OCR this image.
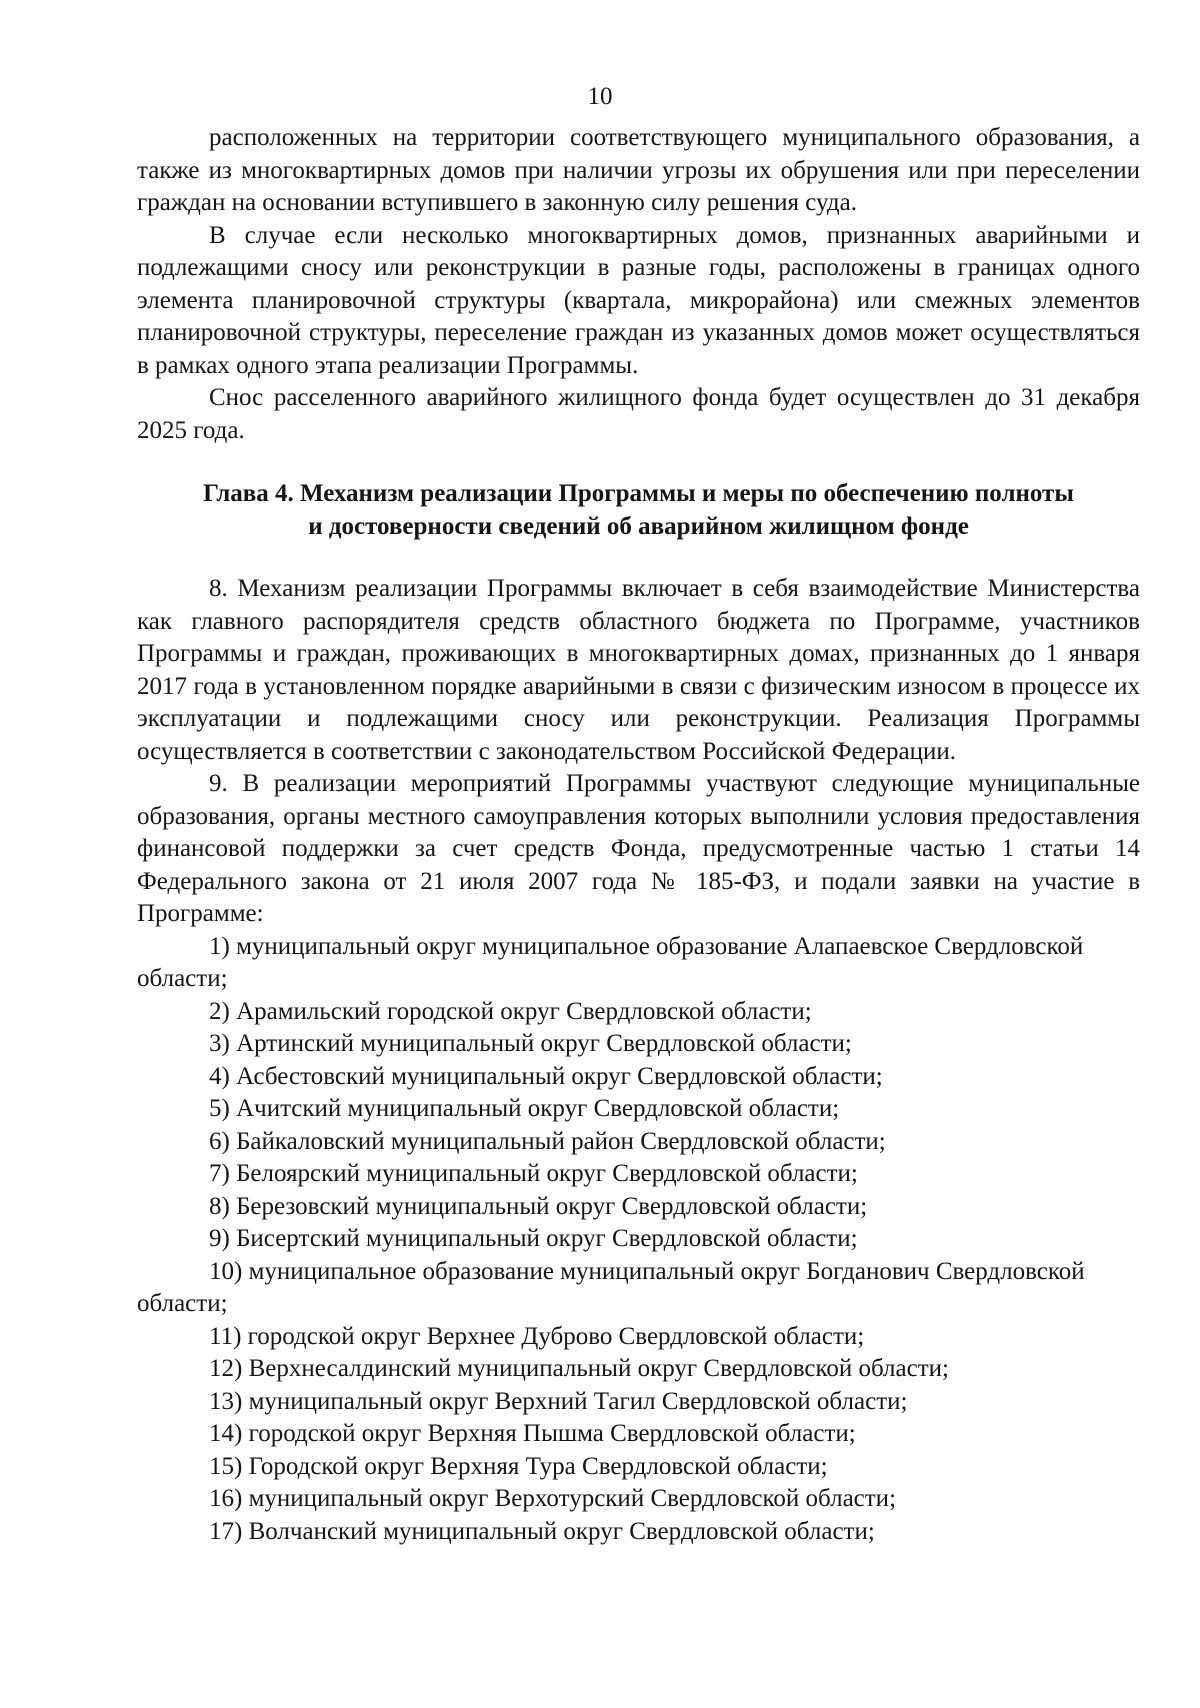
10

расположенных на территории соответствующего муниципального образования, а также из многоквартирных домов при наличии угрозы их обрушения или при переселении граждан на основании вступившего в законную силу решения суда.

В случае если несколько многоквартирных домов, признанных аварийными и подлежащими сносу или реконструкции в разные годы, расположены в границах одного элемента планировочной структуры (квартала, микрорайона) или смежных элементов планировочной структуры, переселение граждан из указанных домов может осуществляться в рамках одного этапа реализации Программы.

Снос расселенного аварийного жилищного фонда будет осуществлен до 31 декабря 2025 года.

Глава 4. Механизм реализации Программы и меры по обеспечению полноты
и достоверности сведений об аварийном жилищном фонде

8. Механизм реализации Программы включает в себя взаимодействие Министерства как главного распорядителя средств областного бюджета по Программе, участников Программы и граждан, проживающих в многоквартирных домах, признанных до 1 января 2017 года в установленном порядке аварийными в связи с физическим износом в процессе их эксплуатации и подлежащими сносу или реконструкции. Реализация Программы осуществляется в соответствии с законодательством Российской Федерации.

9. В реализации мероприятий Программы участвуют следующие муниципальные образования, органы местного самоуправления которых выполнили условия предоставления финансовой поддержки за счет средств Фонда, предусмотренные частью 1 статьи 14 Федерального закона от 21 июля 2007 года № 185-ФЗ, и подали заявки на участие в Программе:

1) муниципальный округ муниципальное образование Алапаевское Свердловской области;
2) Арамильский городской округ Свердловской области;
3) Артинский муниципальный округ Свердловской области;
4) Асбестовский муниципальный округ Свердловской области;
5) Ачитский муниципальный округ Свердловской области;
6) Байкаловский муниципальный район Свердловской области;
7) Белоярский муниципальный округ Свердловской области;
8) Березовский муниципальный округ Свердловской области;
9) Бисертский муниципальный округ Свердловской области;
10) муниципальное образование муниципальный округ Богданович Свердловской области;
11) городской округ Верхнее Дуброво Свердловской области;
12) Верхнесалдинский муниципальный округ Свердловской области;
13) муниципальный округ Верхний Тагил Свердловской области;
14) городской округ Верхняя Пышма Свердловской области;
15) Городской округ Верхняя Тура Свердловской области;
16) муниципальный округ Верхотурский Свердловской области;
17) Волчанский муниципальный округ Свердловской области;
